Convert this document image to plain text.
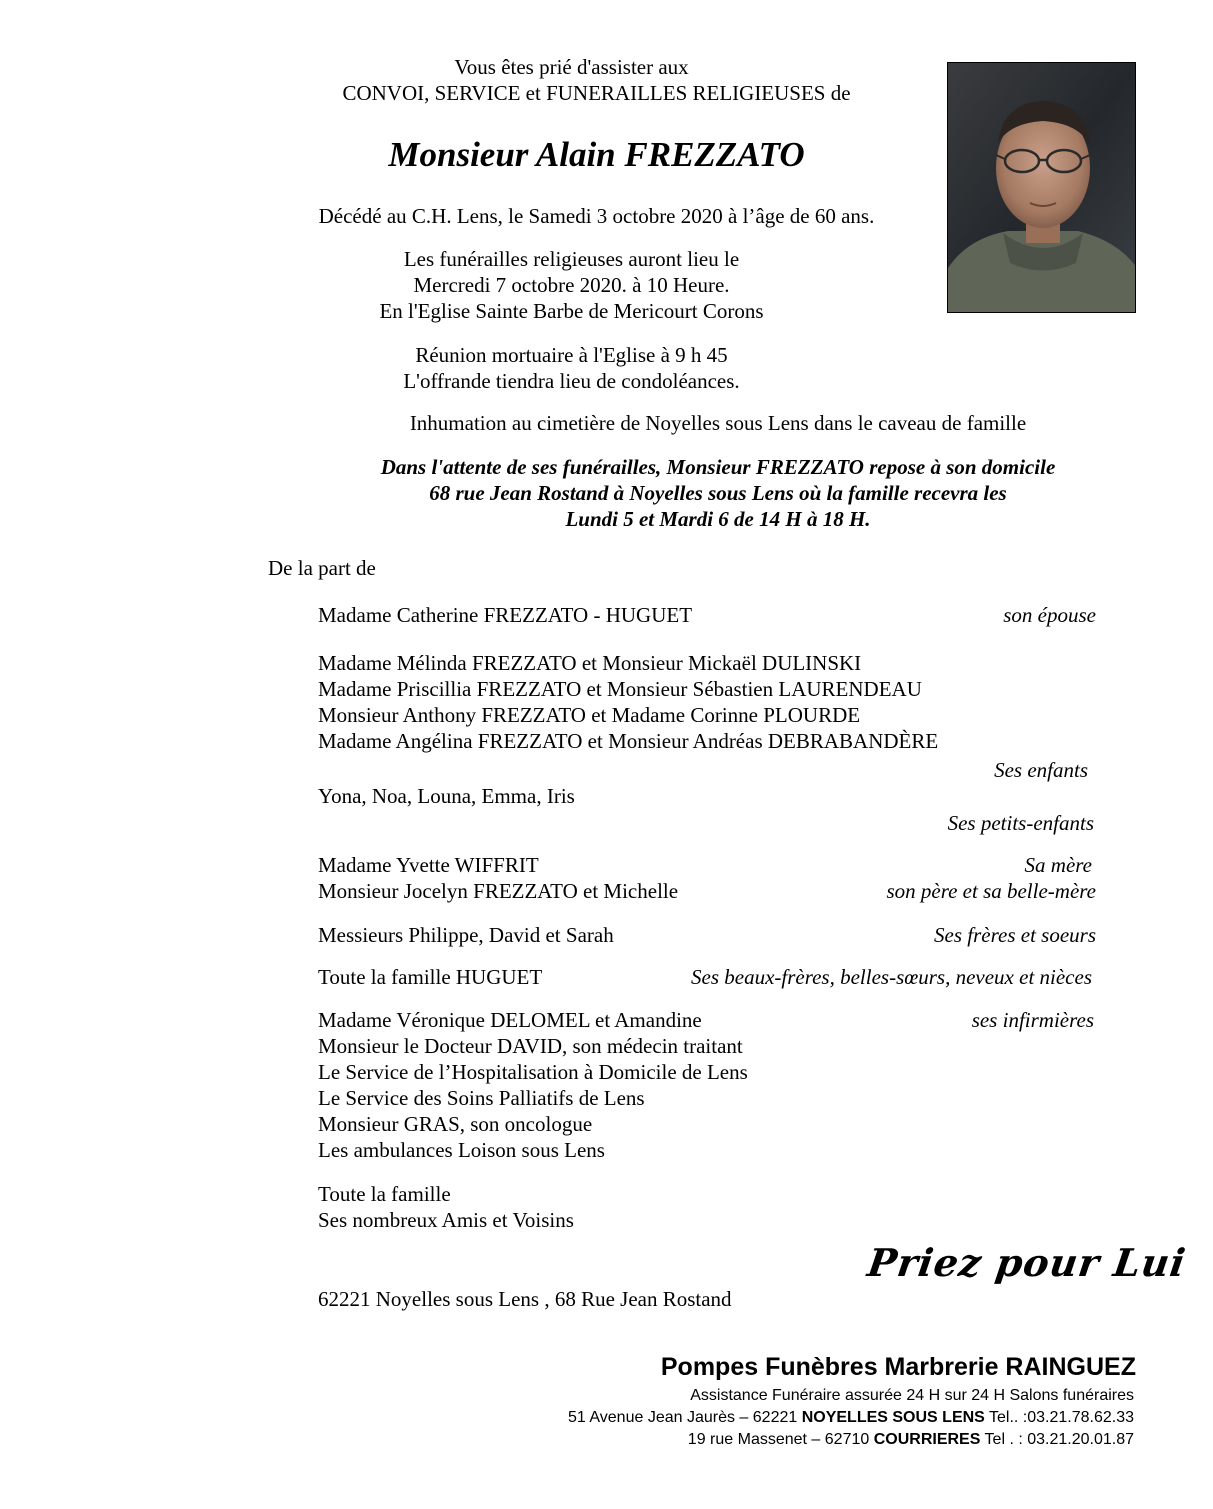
Vous êtes prié d'assister aux
CONVOI, SERVICE et FUNERAILLES RELIGIEUSES de
Monsieur Alain FREZZATO
Décédé au C.H. Lens, le Samedi 3 octobre 2020 à l’âge de 60 ans.
Les funérailles religieuses auront lieu le
Mercredi 7 octobre 2020. à 10 Heure.
En l'Eglise Sainte Barbe de Mericourt Corons
Réunion mortuaire à l'Eglise à 9 h 45
L'offrande tiendra lieu de condoléances.
Inhumation au cimetière de Noyelles sous Lens dans le caveau de famille
Dans l'attente de ses funérailles, Monsieur FREZZATO repose à son domicile
68 rue Jean Rostand à Noyelles sous Lens où la famille recevra les
Lundi 5 et Mardi 6 de 14 H à 18 H.
De la part de
Madame Catherine FREZZATO - HUGUET	son épouse
Madame Mélinda FREZZATO et Monsieur Mickaël DULINSKI
Madame Priscillia FREZZATO et Monsieur Sébastien LAURENDEAU
Monsieur Anthony FREZZATO et Madame Corinne PLOURDE
Madame Angélina FREZZATO et Monsieur Andréas DEBRABANDÈRE
Ses enfants
Yona, Noa, Louna, Emma, Iris
Ses petits-enfants
Madame Yvette WIFFRIT	Sa mère
Monsieur Jocelyn FREZZATO et Michelle	son père et sa belle-mère
Messieurs Philippe, David et Sarah	Ses frères et soeurs
Toute la famille HUGUET	Ses beaux-frères, belles-sœurs, neveux et nièces
Madame Véronique DELOMEL et Amandine	ses infirmières
Monsieur le Docteur DAVID, son médecin traitant
Le Service de l’Hospitalisation à Domicile de Lens
Le Service des Soins Palliatifs de Lens
Monsieur GRAS, son oncologue
Les ambulances Loison sous Lens
Toute la famille
Ses nombreux Amis et Voisins
Priez pour Lui
62221 Noyelles sous Lens , 68 Rue Jean Rostand
Pompes Funèbres Marbrerie RAINGUEZ
Assistance Funéraire assurée 24 H sur 24 H Salons funéraires
51 Avenue Jean Jaurès – 62221 NOYELLES SOUS LENS Tel.. :03.21.78.62.33
19 rue Massenet – 62710 COURRIERES Tel . : 03.21.20.01.87
